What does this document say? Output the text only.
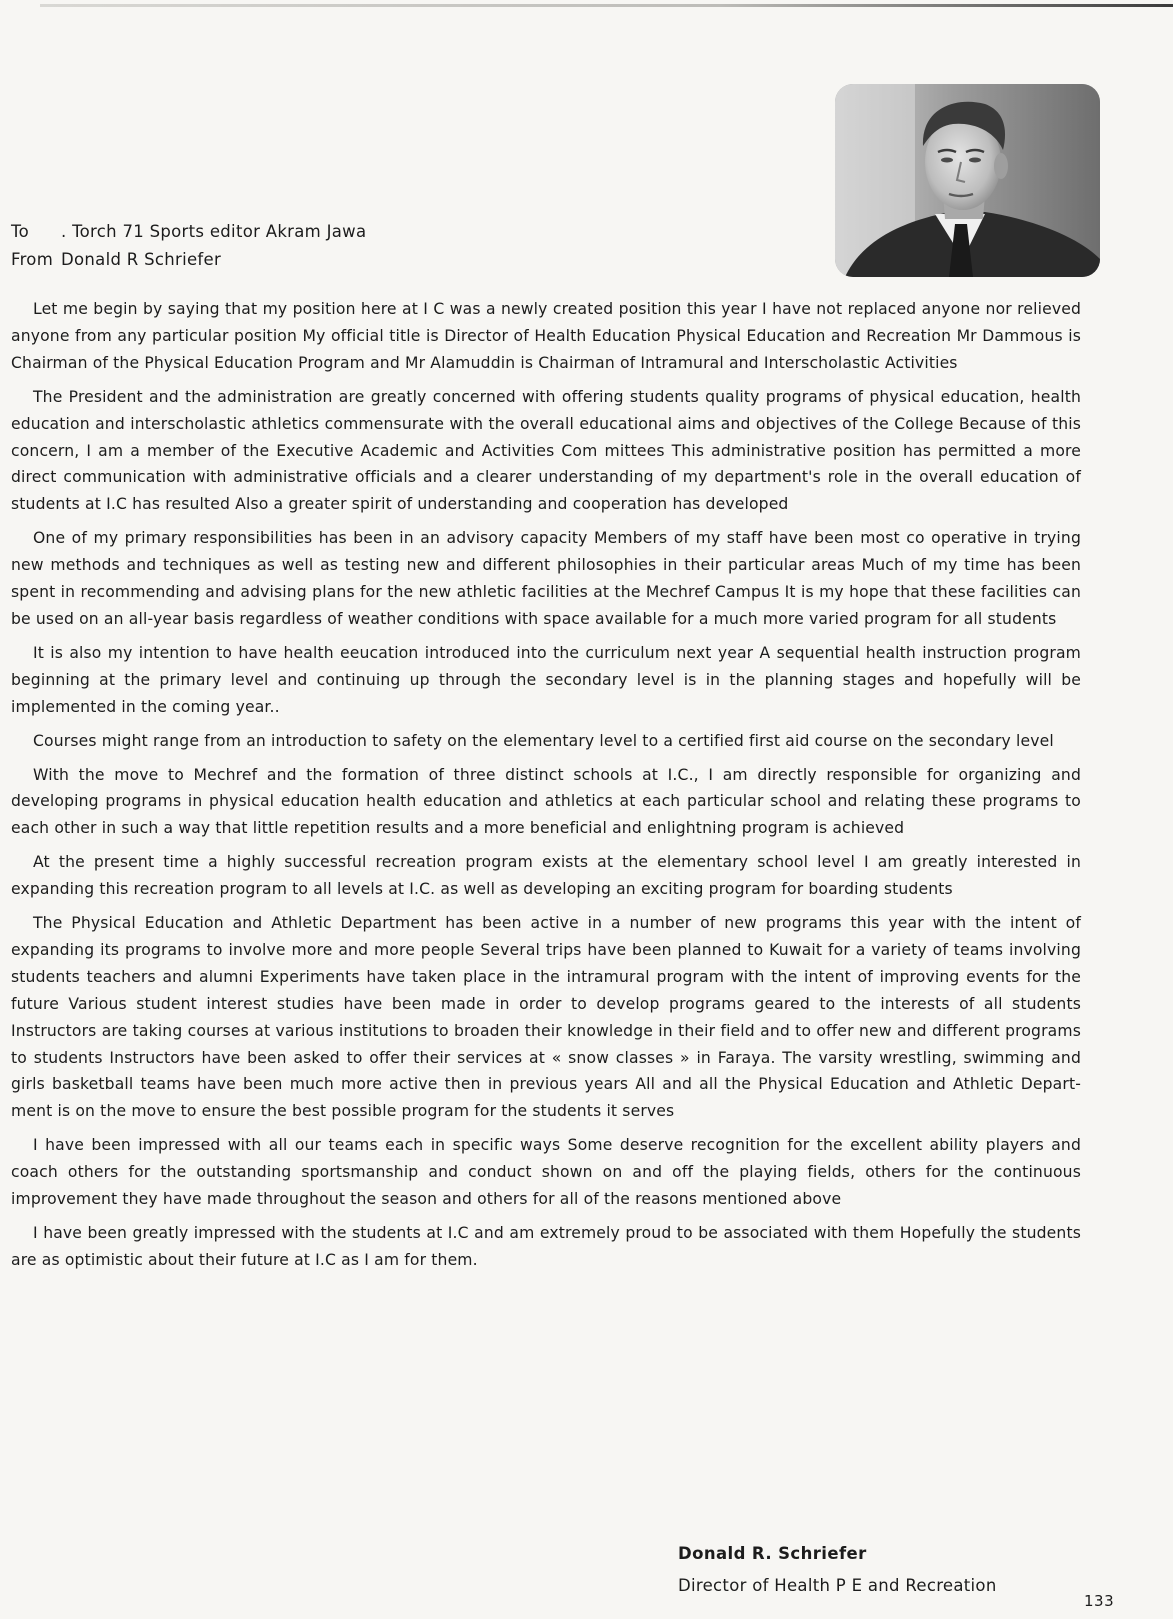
To . Torch 71 Sports editor Akram Jawa
From Donald R Schriefer

Let me begin by saying that my position here at I C was a newly created position this year I have not replaced anyone nor relieved anyone from any particular position My official title is Director of Health Education Physical Education and Recreation Mr Dammous is Chairman of the Physical Education Program and Mr Alamuddin is Chairman of Intramural and Interscholastic Activities

The President and the administration are greatly concerned with offering students quality programs of physical education, health education and interscholastic athletics commensurate with the overall educational aims and objectives of the College Because of this concern, I am a member of the Executive Academic and Activities Com mittees This administrative position has permitted a more direct communication with administrative officials and a clearer understanding of my department's role in the overall education of students at I.C has resulted Also a greater spirit of understanding and cooperation has developed

One of my primary responsibilities has been in an advisory capacity Members of my staff have been most co operative in trying new methods and techniques as well as testing new and different philosophies in their particular areas Much of my time has been spent in recommending and advising plans for the new athletic facilities at the Mechref Campus It is my hope that these facilities can be used on an all-year basis regardless of weather conditions with space available for a much more varied program for all students

It is also my intention to have health eeucation introduced into the curriculum next year A sequential health instruction program beginning at the primary level and continuing up through the secondary level is in the planning stages and hopefully will be implemented in the coming year..

Courses might range from an introduction to safety on the elementary level to a certified first aid course on the secondary level

With the move to Mechref and the formation of three distinct schools at I.C., I am directly responsible for organizing and developing programs in physical education health education and athletics at each particular school and relating these programs to each other in such a way that little repetition results and a more beneficial and enlightning program is achieved

At the present time a highly successful recreation program exists at the elementary school level I am greatly interested in expanding this recreation program to all levels at I.C. as well as developing an exciting program for boarding students

The Physical Education and Athletic Department has been active in a number of new programs this year with the intent of expanding its programs to involve more and more people Several trips have been planned to Kuwait for a variety of teams involving students teachers and alumni Experiments have taken place in the intramural program with the intent of improving events for the future Various student interest studies have been made in order to develop programs geared to the interests of all students Instructors are taking courses at various institutions to broaden their knowledge in their field and to offer new and different programs to students Instructors have been asked to offer their services at « snow classes » in Faraya. The varsity wrestling, swimming and girls basketball teams have been much more active then in previous years All and all the Physical Education and Athletic Depart-ment is on the move to ensure the best possible program for the students it serves

I have been impressed with all our teams each in specific ways Some deserve recognition for the excellent ability players and coach others for the outstanding sportsmanship and conduct shown on and off the playing fields, others for the continuous improvement they have made throughout the season and others for all of the reasons mentioned above

I have been greatly impressed with the students at I.C and am extremely proud to be associated with them Hopefully the students are as optimistic about their future at I.C as I am for them.

Donald R. Schriefer
Director of Health P E and Recreation
133
